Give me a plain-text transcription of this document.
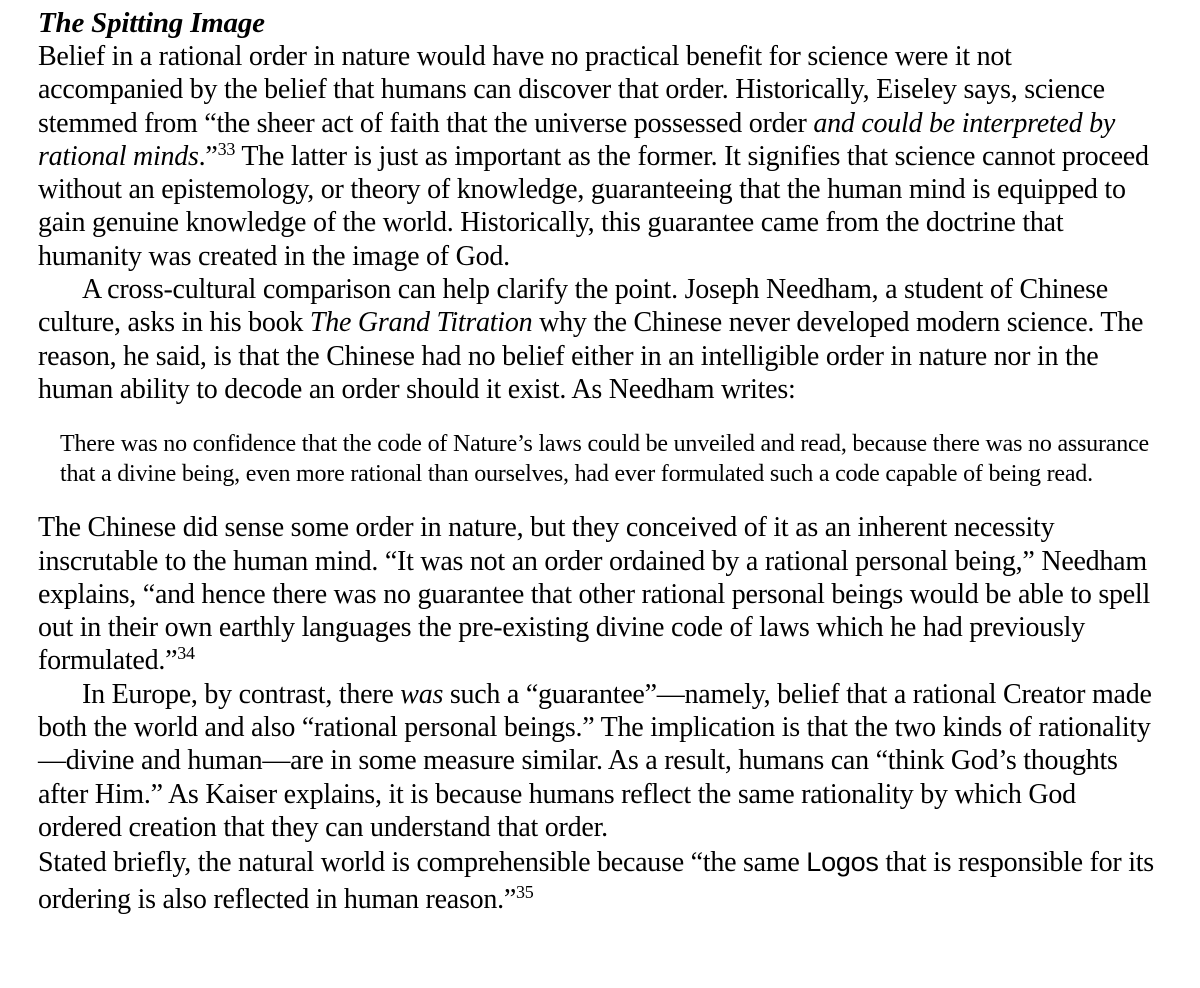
The Spitting Image

Belief in a rational order in nature would have no practical benefit for science were it not accompanied by the belief that humans can discover that order. Historically, Eiseley says, science stemmed from “the sheer act of faith that the universe possessed order and could be interpreted by rational minds.”$^{33}$ The latter is just as important as the former. It signifies that science cannot proceed without an epistemology, or theory of knowledge, guaranteeing that the human mind is equipped to gain genuine knowledge of the world. Historically, this guarantee came from the doctrine that humanity was created in the image of God.

A cross-cultural comparison can help clarify the point. Joseph Needham, a student of Chinese culture, asks in his book The Grand Titration why the Chinese never developed modern science. The reason, he said, is that the Chinese had no belief either in an intelligible order in nature nor in the human ability to decode an order should it exist. As Needham writes:

There was no confidence that the code of Nature’s laws could be unveiled and read, because there was no assurance that a divine being, even more rational than ourselves, had ever formulated such a code capable of being read.

The Chinese did sense some order in nature, but they conceived of it as an inherent necessity inscrutable to the human mind. “It was not an order ordained by a rational personal being,” Needham explains, “and hence there was no guarantee that other rational personal beings would be able to spell out in their own earthly languages the pre-existing divine code of laws which he had previously formulated.”$^{34}$

In Europe, by contrast, there was such a “guarantee”—namely, belief that a rational Creator made both the world and also “rational personal beings.” The implication is that the two kinds of rationality—divine and human—are in some measure similar. As a result, humans can “think God’s thoughts after Him.” As Kaiser explains, it is because humans reflect the same rationality by which God ordered creation that they can understand that order.

Stated briefly, the natural world is comprehensible because “the same Logos that is responsible for its ordering is also reflected in human reason.”$^{35}$
